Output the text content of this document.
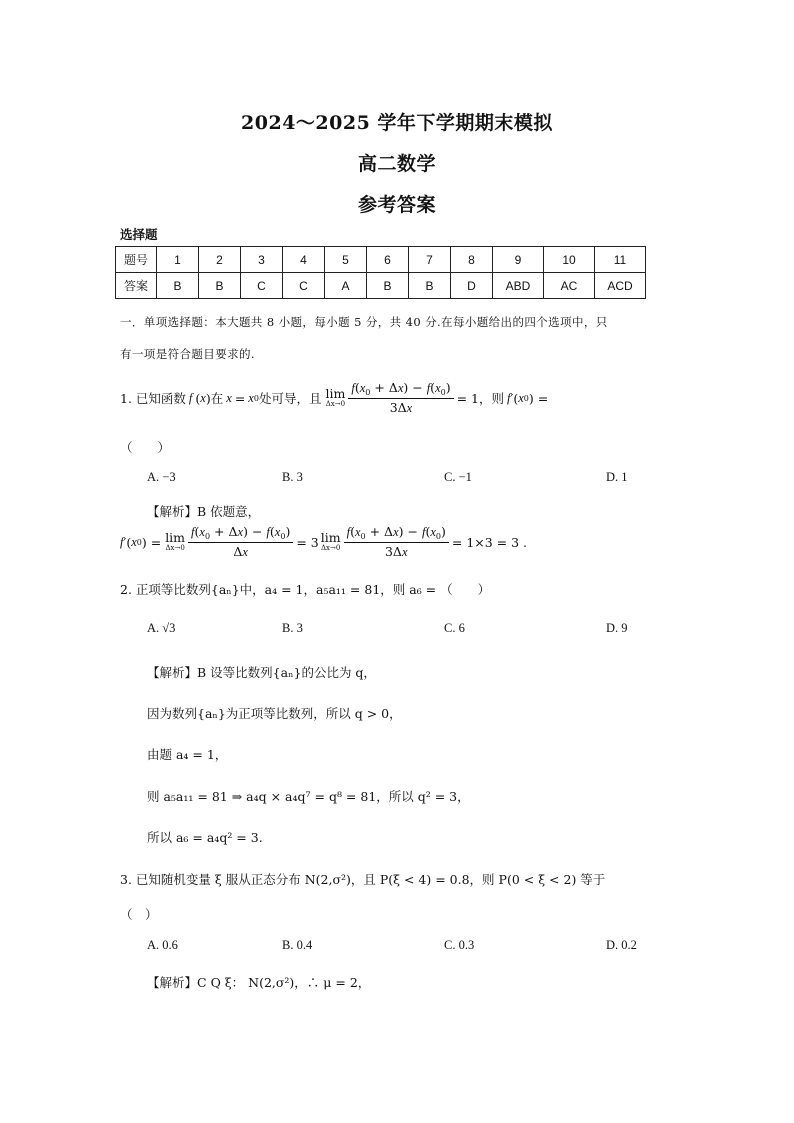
2024～2025 学年下学期期末模拟
高二数学
参考答案
选择题
题号	1	2	3	4	5	6	7	8	9	10	11
答案	B	B	C	C	A	B	B	D	ABD	AC	ACD
一．单项选择题：本大题共 8 小题，每小题 5 分，共 40 分.在每小题给出的四个选项中，只
有一项是符合题目要求的.
1. 已知函数 f ( x ) 在 x = x 0 处可导，且 lim
$\Delta x\to 0 \frac{f(x_0 + \Delta x) - f(x_0)}{3\Delta x} = 1$ ，则 f ′( x 0 ) =
（　　）
A. −3	B. 3	C. −1	D. 1
【解析】B 依题意，
f ′( x 0 ) = lim
$\Delta x\to 0 \frac{f(x_0 + \Delta x) - f(x_0)}{\Delta x} = 3$ lim
$\Delta x\to 0 \frac{f(x_0 + \Delta x) - f(x_0)}{3\Delta x} = 1\times 3 = 3$ .
2. 正项等比数列{aₙ}中，a₄ = 1，a₅a₁₁ = 81，则 a₆ = （　　）
A. √3	B. 3	C. 6	D. 9
【解析】B 设等比数列{aₙ}的公比为 q，
因为数列{aₙ}为正项等比数列，所以 q > 0，
由题 a₄ = 1，
则 a₅a₁₁ = 81 ⇒ a₄q × a₄q⁷ = q⁸ = 81，所以 q² = 3，
所以 a₆ = a₄q² = 3.
3. 已知随机变量 ξ 服从正态分布 N(2,σ²)，且 P(ξ < 4) = 0.8，则 P(0 < ξ < 2) 等于
（　）
A. 0.6	B. 0.4	C. 0.3	D. 0.2
【解析】C Q ξ： N(2,σ²)，∴ μ = 2，
